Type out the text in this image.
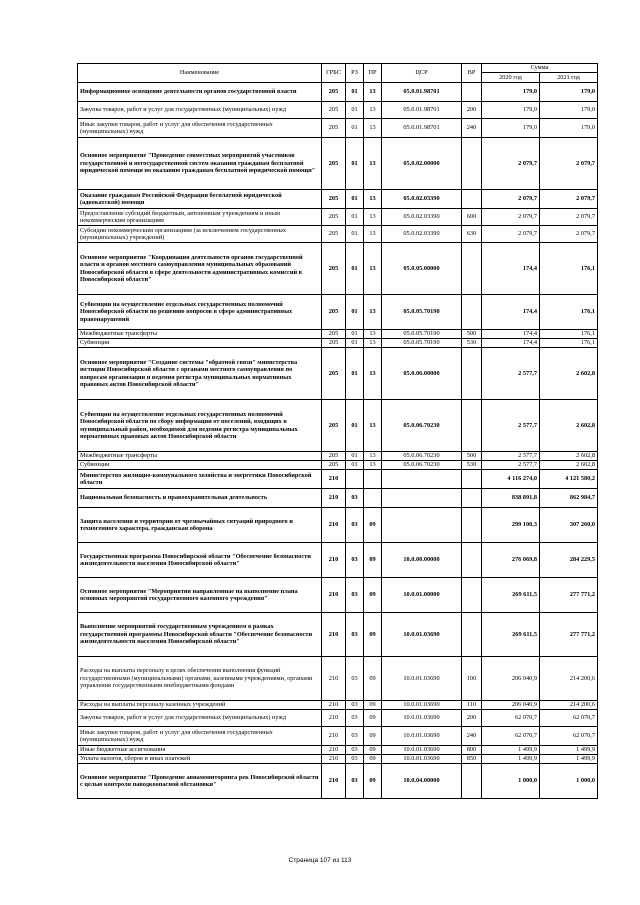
Наименование	ГРБС	РЗ	ПР	ЦСР	ВР	Сумма	
						2020 год	2021 год
Информационное освещение деятельности органов государственной власти	205	01	13	05.0.01.98701		179,0	179,0
Закупка товаров, работ и услуг для государственных (муниципальных) нужд	205	01	13	05.0.01.98701	200	179,0	179,0
Иные закупки товаров, работ и услуг для обеспечения государственных (муниципальных) нужд	205	01	13	05.0.01.98701	240	179,0	179,0
Основное мероприятие "Проведение совместных мероприятий участников государственной и негосударственной систем оказания гражданам бесплатной юридической помощи по оказанию гражданам бесплатной юридической помощи"	205	01	13	05.0.02.00000		2 079,7	2 079,7
Оказание гражданам Российской Федерации бесплатной юридической (адвокатской) помощи	205	01	13	05.0.02.03390		2 079,7	2 079,7
Предоставление субсидий бюджетным, автономным учреждениям и иным некоммерческим организациям	205	01	13	05.0.02.03390	600	2 079,7	2 079,7
Субсидии некоммерческим организациям (за исключением государственных (муниципальных) учреждений)	205	01	13	05.0.02.03390	630	2 079,7	2 079,7
Основное мероприятие "Координация деятельности органов государственной власти и органов местного самоуправления муниципальных образований Новосибирской области в сфере деятельности административных комиссий в Новосибирской области"	205	01	13	05.0.05.00000		174,4	176,1
Субвенции на осуществление отдельных государственных полномочий Новосибирской области по решению вопросов в сфере административных правонарушений	205	01	13	05.0.05.70190		174,4	176,1
Межбюджетные трансферты	205	01	13	05.0.05.70190	500	174,4	176,1
Субвенции	205	01	13	05.0.05.70190	530	174,4	176,1
Основное мероприятие "Создание системы "обратной связи" министерства юстиции Новосибирской области с органами местного самоуправления по вопросам организации и ведения регистра муниципальных нормативных правовых актов Новосибирской области"	205	01	13	05.0.06.00000		2 577,7	2 602,8
Субвенции на осуществление отдельных государственных полномочий Новосибирской области по сбору информации от поселений, входящих в муниципальный район, необходимой для ведения регистра муниципальных нормативных правовых актов Новосибирской области	205	01	13	05.0.06.70230		2 577,7	2 602,8
Межбюджетные трансферты	205	01	13	05.0.06.70230	500	2 577,7	2 602,8
Субвенции	205	01	13	05.0.06.70230	530	2 577,7	2 602,8
Министерство жилищно-коммунального хозяйства и энергетики Новосибирской области	210					4 116 274,0	4 121 580,2
Национальная безопасность и правоохранительная деятельность	210	03				838 891,8	862 984,7
Защита населения и территории от чрезвычайных ситуаций природного и техногенного характера, гражданская оборона	210	03	09			299 100,3	307 260,0
Государственная программа Новосибирской области "Обеспечение безопасности жизнедеятельности населения Новосибирской области"	210	03	09	10.0.00.00000		276 069,8	284 229,5
Основное мероприятие "Мероприятия направленные на выполнение плана основных мероприятий государственного казенного учреждения"	210	03	09	10.0.01.00000		269 611,5	277 771,2
Выполнение мероприятий государственным учреждением в рамках государственной программы Новосибирской области "Обеспечение безопасности жизнедеятельности населения Новосибирской области"	210	03	09	10.0.01.03690		269 611,5	277 771,2
Расходы на выплаты персоналу в целях обеспечения выполнения функций государственными (муниципальными) органами, казенными учреждениями, органами управления государственными внебюджетными фондами	210	03	09	10.0.01.03690	100	206 040,9	214 200,6
Расходы на выплаты персоналу казенных учреждений	210	03	09	10.0.01.03690	110	206 040,9	214 200,6
Закупка товаров, работ и услуг для государственных (муниципальных) нужд	210	03	09	10.0.01.03690	200	62 070,7	62 070,7
Иные закупки товаров, работ и услуг для обеспечения государственных (муниципальных) нужд	210	03	09	10.0.01.03690	240	62 070,7	62 070,7
Иные бюджетные ассигнования	210	03	09	10.0.01.03690	800	1 499,9	1 499,9
Уплата налогов, сборов и иных платежей	210	03	09	10.0.01.03690	850	1 499,9	1 499,9
Основное мероприятие "Проведение авиамониторинга рек Новосибирской области с целью контроля паводкоопасной обстановки"	210	03	09	10.0.04.00000		1 000,0	1 000,0
Страница 107 из 113
